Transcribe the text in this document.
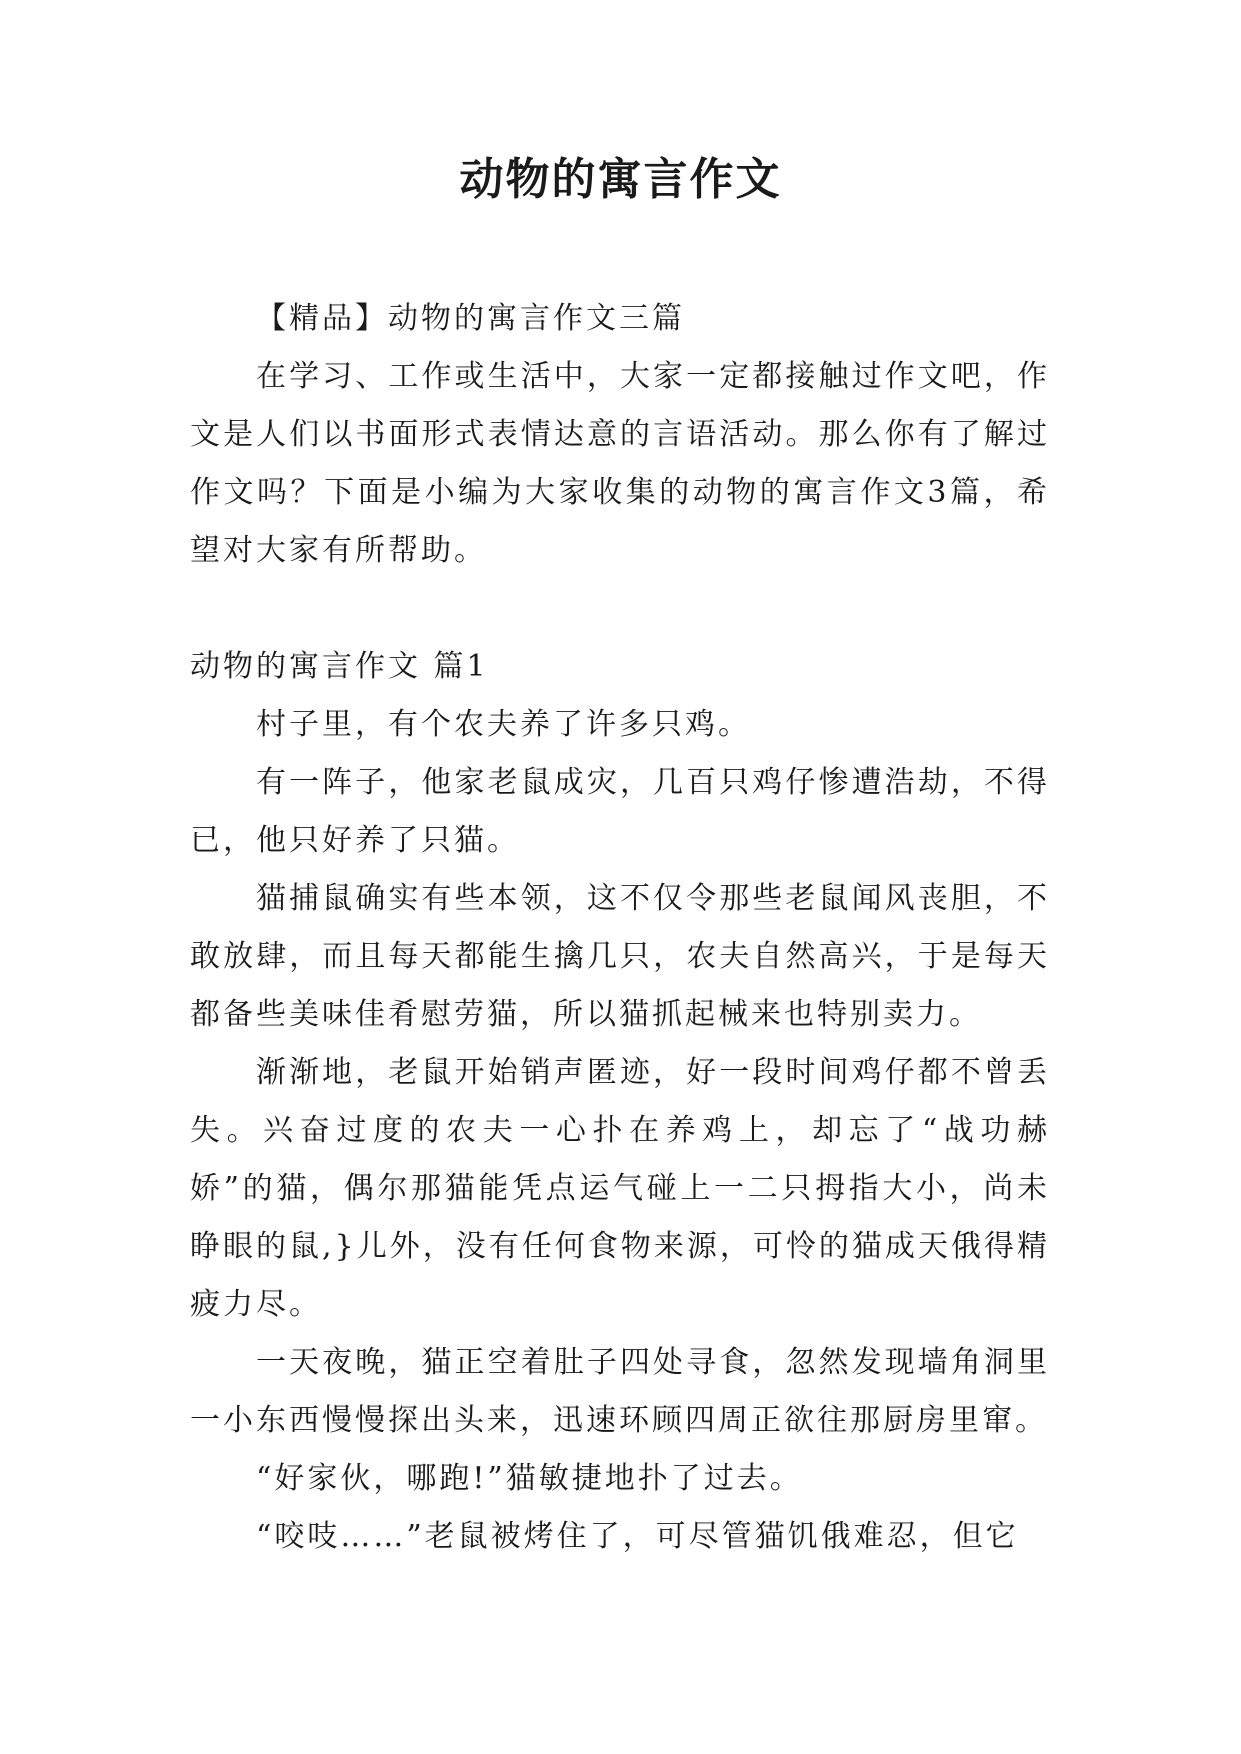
动物的寓言作文

【精品】动物的寓言作文三篇

在学习、工作或生活中，大家一定都接触过作文吧，作文是人们以书面形式表情达意的言语活动。那么你有了解过作文吗？下面是小编为大家收集的动物的寓言作文3篇，希望对大家有所帮助。

动物的寓言作文 篇1

村子里，有个农夫养了许多只鸡。

有一阵子，他家老鼠成灾，几百只鸡仔惨遭浩劫，不得已，他只好养了只猫。

猫捕鼠确实有些本领，这不仅令那些老鼠闻风丧胆，不敢放肆，而且每天都能生擒几只，农夫自然高兴，于是每天都备些美味佳肴慰劳猫，所以猫抓起械来也特别卖力。

渐渐地，老鼠开始销声匿迹，好一段时间鸡仔都不曾丢失。兴奋过度的农夫一心扑在养鸡上，却忘了“战功赫娇”的猫，偶尔那猫能凭点运气碰上一二只拇指大小，尚未睁眼的鼠,}儿外，没有任何食物来源，可怜的猫成天俄得精疲力尽。

一天夜晚，猫正空着肚子四处寻食，忽然发现墙角洞里一小东西慢慢探出头来，迅速环顾四周正欲往那厨房里窜。

“好家伙，哪跑!”猫敏捷地扑了过去。

“咬吱……”老鼠被烤住了，可尽管猫饥俄难忍，但它
